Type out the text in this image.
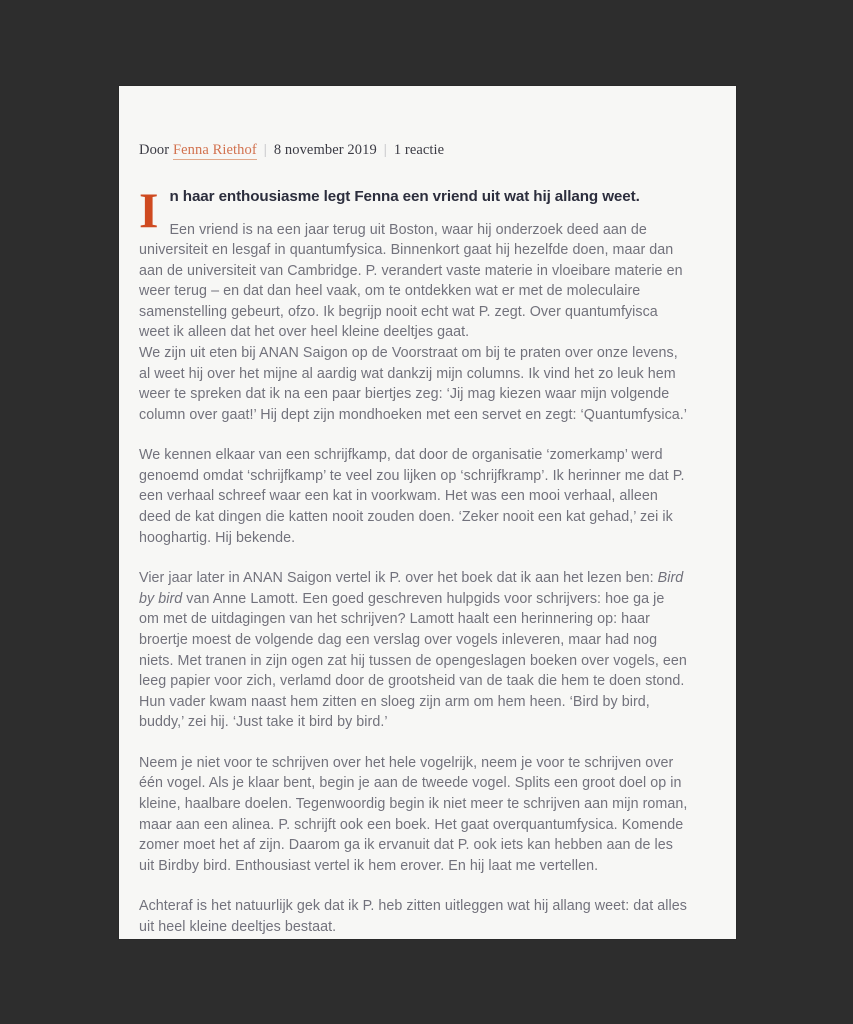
Door Fenna Riethof | 8 november 2019 | 1 reactie
I n haar enthousiasme legt Fenna een vriend uit wat hij allang weet.

Een vriend is na een jaar terug uit Boston, waar hij onderzoek deed aan de universiteit en lesgaf in quantumfysica. Binnenkort gaat hij hezelfde doen, maar dan aan de universiteit van Cambridge. P. verandert vaste materie in vloeibare materie en weer terug – en dat dan heel vaak, om te ontdekken wat er met de moleculaire samenstelling gebeurt, ofzo. Ik begrijp nooit echt wat P. zegt. Over quantumfyisca weet ik alleen dat het over heel kleine deeltjes gaat.

We zijn uit eten bij ANAN Saigon op de Voorstraat om bij te praten over onze levens, al weet hij over het mijne al aardig wat dankzij mijn columns. Ik vind het zo leuk hem weer te spreken dat ik na een paar biertjes zeg: ‘Jij mag kiezen waar mijn volgende column over gaat!’ Hij dept zijn mondhoeken met een servet en zegt: ‘Quantumfysica.’

We kennen elkaar van een schrijfkamp, dat door de organisatie ‘zomerkamp’ werd genoemd omdat ‘schrijfkamp’ te veel zou lijken op ‘schrijfkramp’. Ik herinner me dat P. een verhaal schreef waar een kat in voorkwam. Het was een mooi verhaal, alleen deed de kat dingen die katten nooit zouden doen. ‘Zeker nooit een kat gehad,’ zei ik hooghartig. Hij bekende.

Vier jaar later in ANAN Saigon vertel ik P. over het boek dat ik aan het lezen ben: Bird by bird van Anne Lamott. Een goed geschreven hulpgids voor schrijvers: hoe ga je om met de uitdagingen van het schrijven? Lamott haalt een herinnering op: haar broertje moest de volgende dag een verslag over vogels inleveren, maar had nog niets. Met tranen in zijn ogen zat hij tussen de opengeslagen boeken over vogels, een leeg papier voor zich, verlamd door de grootsheid van de taak die hem te doen stond. Hun vader kwam naast hem zitten en sloeg zijn arm om hem heen. ‘Bird by bird, buddy,’ zei hij. ‘Just take it bird by bird.’

Neem je niet voor te schrijven over het hele vogelrijk, neem je voor te schrijven over één vogel. Als je klaar bent, begin je aan de tweede vogel. Splits een groot doel op in kleine, haalbare doelen. Tegenwoordig begin ik niet meer te schrijven aan mijn roman, maar aan een alinea. P. schrijft ook een boek. Het gaat overquantumfysica. Komende zomer moet het af zijn. Daarom ga ik ervanuit dat P. ook iets kan hebben aan de les uit Birdby bird. Enthousiast vertel ik hem erover. En hij laat me vertellen.

Achteraf is het natuurlijk gek dat ik P. heb zitten uitleggen wat hij allang weet: dat alles uit heel kleine deeltjes bestaat.
